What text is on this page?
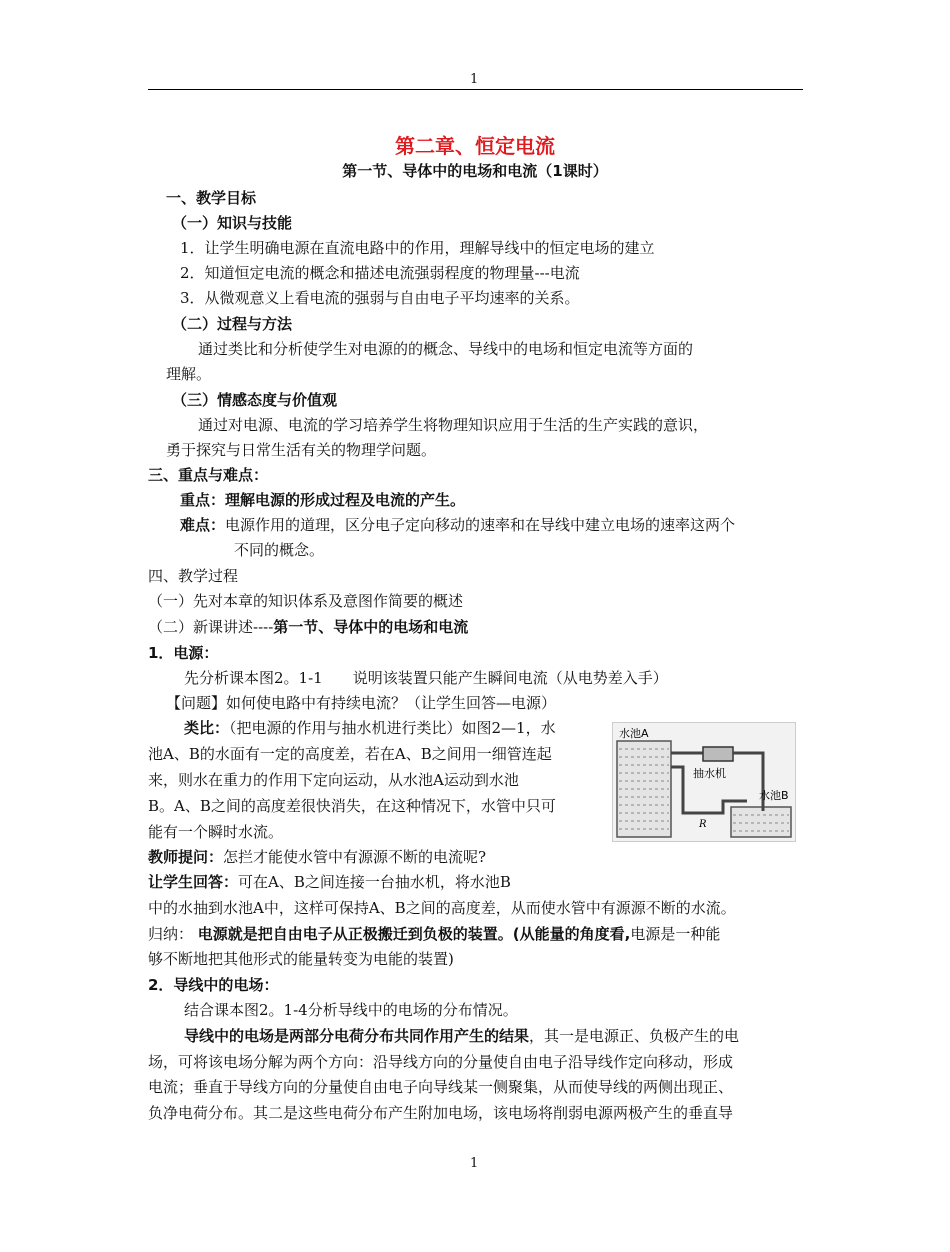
1
第二章、恒定电流
第一节、导体中的电场和电流（1课时）
一、教学目标
（一）知识与技能
1．让学生明确电源在直流电路中的作用，理解导线中的恒定电场的建立
2．知道恒定电流的概念和描述电流强弱程度的物理量---电流
3．从微观意义上看电流的强弱与自由电子平均速率的关系。
（二）过程与方法
通过类比和分析使学生对电源的的概念、导线中的电场和恒定电流等方面的
理解。
（三）情感态度与价值观
通过对电源、电流的学习培养学生将物理知识应用于生活的生产实践的意识，
勇于探究与日常生活有关的物理学问题。
三、重点与难点：
重点：理解电源的形成过程及电流的产生。
难点：电源作用的道理，区分电子定向移动的速率和在导线中建立电场的速率这两个
不同的概念。
四、教学过程
（一）先对本章的知识体系及意图作简要的概述
（二）新课讲述----第一节、导体中的电场和电流
1．电源：
先分析课本图2。1-1　　说明该装置只能产生瞬间电流（从电势差入手）
【问题】如何使电路中有持续电流？（让学生回答—电源）
类比：（把电源的作用与抽水机进行类比）如图2—1，水
池A、B的水面有一定的高度差，若在A、B之间用一细管连起
来，则水在重力的作用下定向运动，从水池A运动到水池
B。A、B之间的高度差很快消失，在这种情况下，水管中只可
能有一个瞬时水流。
水池A
抽水机
水池B
R
教师提问：怎拦才能使水管中有源源不断的电流呢?
让学生回答：可在A、B之间连接一台抽水机，将水池B
中的水抽到水池A中，这样可保持A、B之间的高度差，从而使水管中有源源不断的水流。
归纳： 电源就是把自由电子从正极搬迁到负极的装置。(从能量的角度看,电源是一种能
够不断地把其他形式的能量转变为电能的装置)
2．导线中的电场：
结合课本图2。1-4分析导线中的电场的分布情况。
导线中的电场是两部分电荷分布共同作用产生的结果，其一是电源正、负极产生的电
场，可将该电场分解为两个方向：沿导线方向的分量使自由电子沿导线作定向移动，形成
电流；垂直于导线方向的分量使自由电子向导线某一侧聚集，从而使导线的两侧出现正、
负净电荷分布。其二是这些电荷分布产生附加电场，该电场将削弱电源两极产生的垂直导
1
